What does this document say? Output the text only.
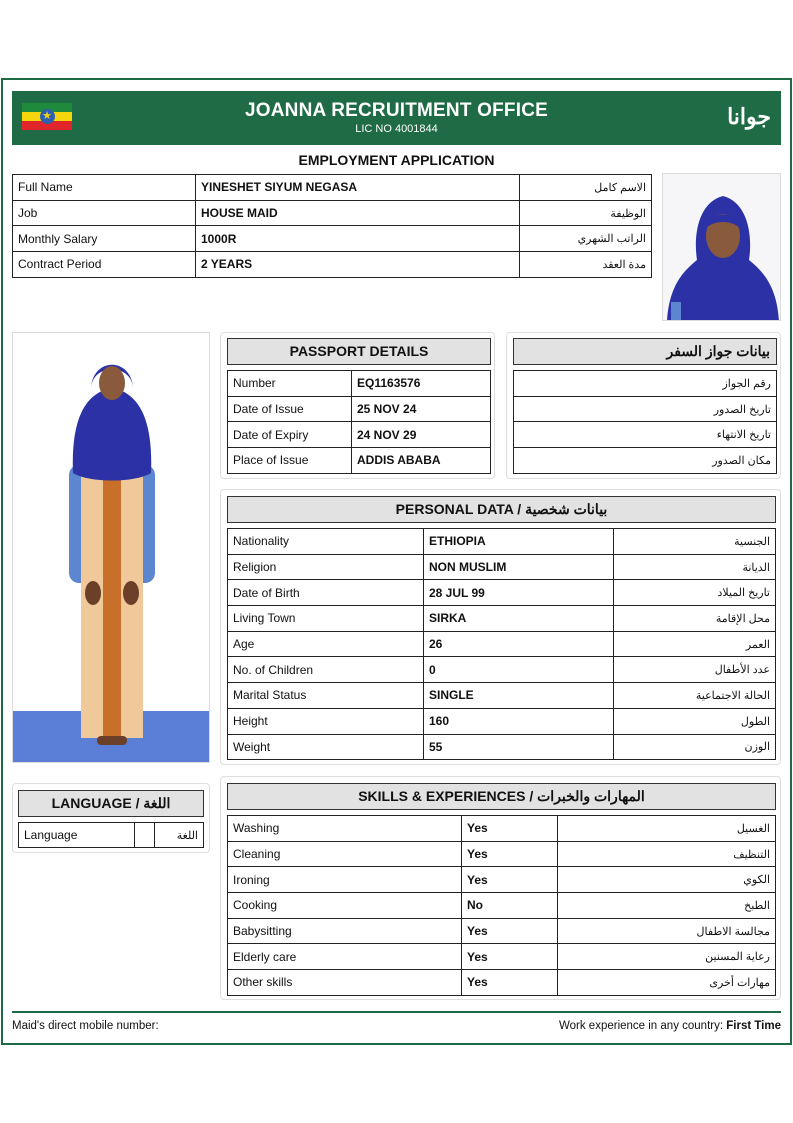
★	JOANNA RECRUITMENT OFFICE
LIC NO 4001844	جوانا
EMPLOYMENT APPLICATION
Full Name	YINESHET SIYUM NEGASA	الاسم كامل
Job	HOUSE MAID	الوظيفة
Monthly Salary	1000R	الراتب الشهري
Contract Period	2 YEARS	مدة العقد
PASSPORT DETAILS
Number	EQ1163576
Date of Issue	25 NOV 24
Date of Expiry	24 NOV 29
Place of Issue	ADDIS ABABA
بيانات جواز السفر
رقم الجواز
تاريخ الصدور
تاريخ الانتهاء
مكان الصدور
PERSONAL DATA / بيانات شخصية
Nationality	ETHIOPIA	الجنسية
Religion	NON MUSLIM	الديانة
Date of Birth	28 JUL 99	تاريخ الميلاد
Living Town	SIRKA	محل الإقامة
Age	26	العمر
No. of Children	0	عدد الأطفال
Marital Status	SINGLE	الحالة الاجتماعية
Height	160	الطول
Weight	55	الوزن
LANGUAGE / اللغة
Language		اللغة
SKILLS & EXPERIENCES / المهارات والخبرات
Washing	Yes	الغسيل
Cleaning	Yes	التنظيف
Ironing	Yes	الكوي
Cooking	No	الطبخ
Babysitting	Yes	مجالسة الاطفال
Elderly care	Yes	رعاية المسنين
Other skills	Yes	مهارات أخرى
Maid's direct mobile number:	Work experience in any country: First Time
